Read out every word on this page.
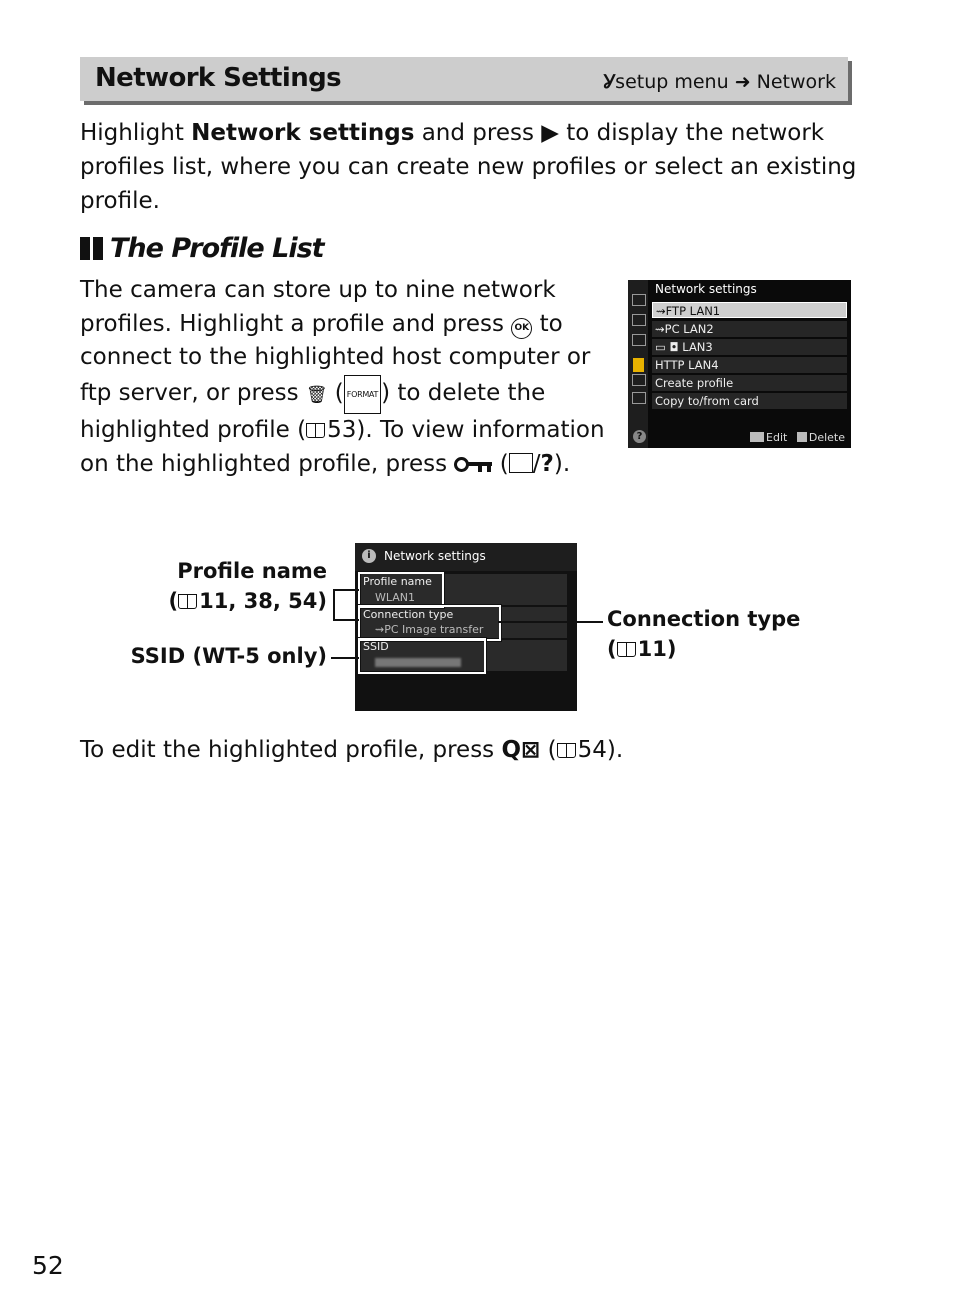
Network Settings	Ỿsetup menu ➜ Network
Highlight Network settings and press ▶ to display the network profiles list, where you can create new profiles or select an existing profile.
The Profile List
The camera can store up to nine network profiles. Highlight a profile and press OK to connect to the highlighted host computer or ftp server, or press 🗑 ( FORMAT ) to delete the highlighted profile ( 53). To view information on the highlighted profile, press
( /?).
?
Network settings
⇝FTP LAN1
⇝PC LAN2
▭ ◘ LAN3
HTTP LAN4
Create profile
Copy to/from card
Edit Delete
i	Network settings
Profile name
WLAN1
Connection type
⇝PC Image transfer
SSID
Profile name
( 11, 38, 54)
SSID (WT-5 only)
Connection type
( 11)
To edit the highlighted profile, press Q⊠ ( 54).
52
